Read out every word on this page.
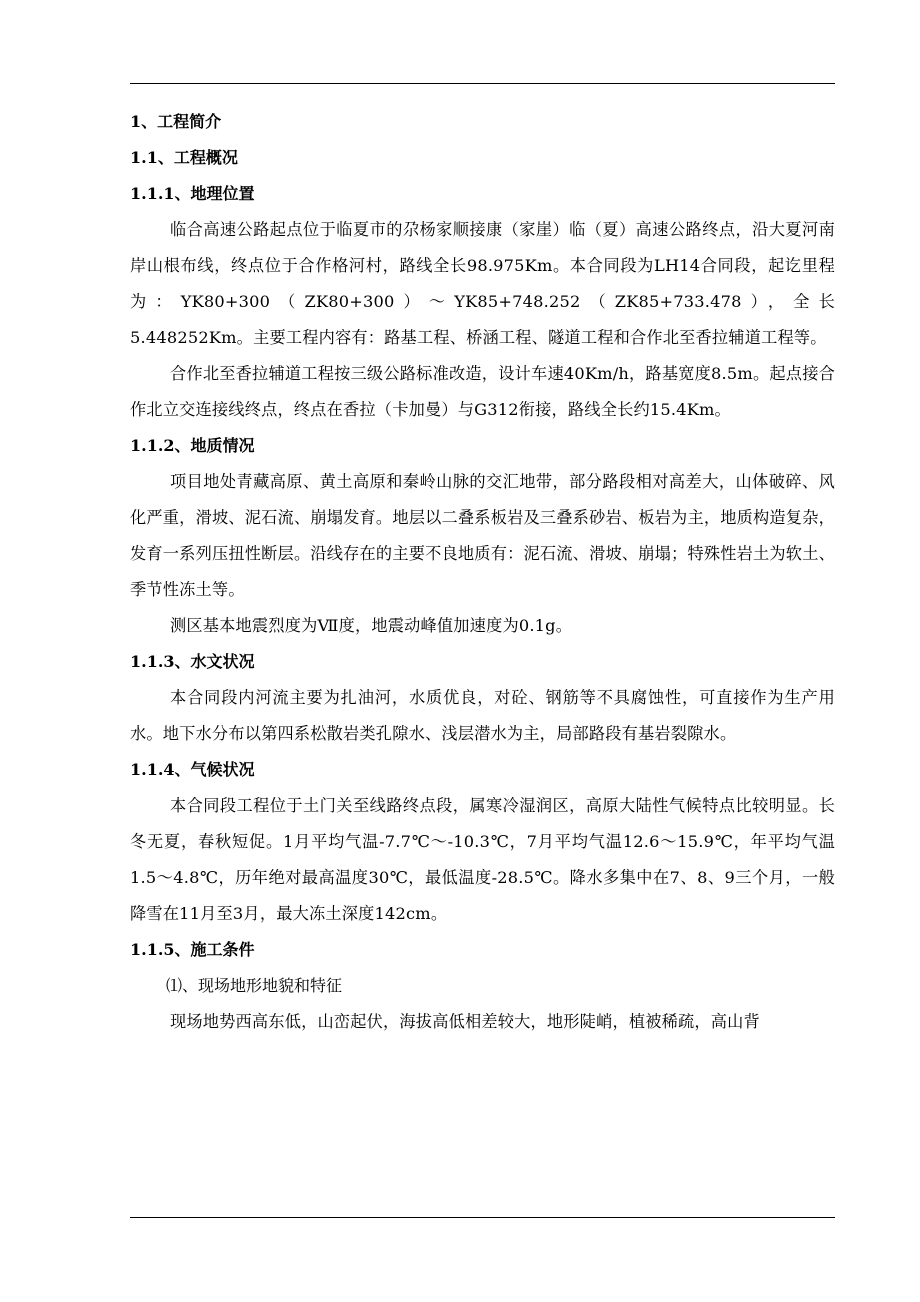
1、工程简介

1.1、工程概况

1.1.1、地理位置

临合高速公路起点位于临夏市的尕杨家顺接康（家崖）临（夏）高速公路终点，沿大夏河南岸山根布线，终点位于合作格河村，路线全长98.975Km。本合同段为LH14合同段，起讫里程为：YK80+300（ZK80+300）～YK85+748.252（ZK85+733.478），全长5.448252Km。主要工程内容有：路基工程、桥涵工程、隧道工程和合作北至香拉辅道工程等。

合作北至香拉辅道工程按三级公路标准改造，设计车速40Km/h，路基宽度8.5m。起点接合作北立交连接线终点，终点在香拉（卡加曼）与G312衔接，路线全长约15.4Km。

1.1.2、地质情况

项目地处青藏高原、黄土高原和秦岭山脉的交汇地带，部分路段相对高差大，山体破碎、风化严重，滑坡、泥石流、崩塌发育。地层以二叠系板岩及三叠系砂岩、板岩为主，地质构造复杂，发育一系列压扭性断层。沿线存在的主要不良地质有：泥石流、滑坡、崩塌；特殊性岩土为软土、季节性冻土等。

测区基本地震烈度为Ⅶ度，地震动峰值加速度为0.1g。

1.1.3、水文状况

本合同段内河流主要为扎油河，水质优良，对砼、钢筋等不具腐蚀性，可直接作为生产用水。地下水分布以第四系松散岩类孔隙水、浅层潜水为主，局部路段有基岩裂隙水。

1.1.4、气候状况

本合同段工程位于土门关至线路终点段，属寒冷湿润区，高原大陆性气候特点比较明显。长冬无夏，春秋短促。1月平均气温-7.7℃～-10.3℃，7月平均气温12.6～15.9℃，年平均气温1.5～4.8℃，历年绝对最高温度30℃，最低温度-28.5℃。降水多集中在7、8、9三个月，一般降雪在11月至3月，最大冻土深度142cm。

1.1.5、施工条件

⑴、现场地形地貌和特征

现场地势西高东低，山峦起伏，海拔高低相差较大，地形陡峭，植被稀疏，高山背
